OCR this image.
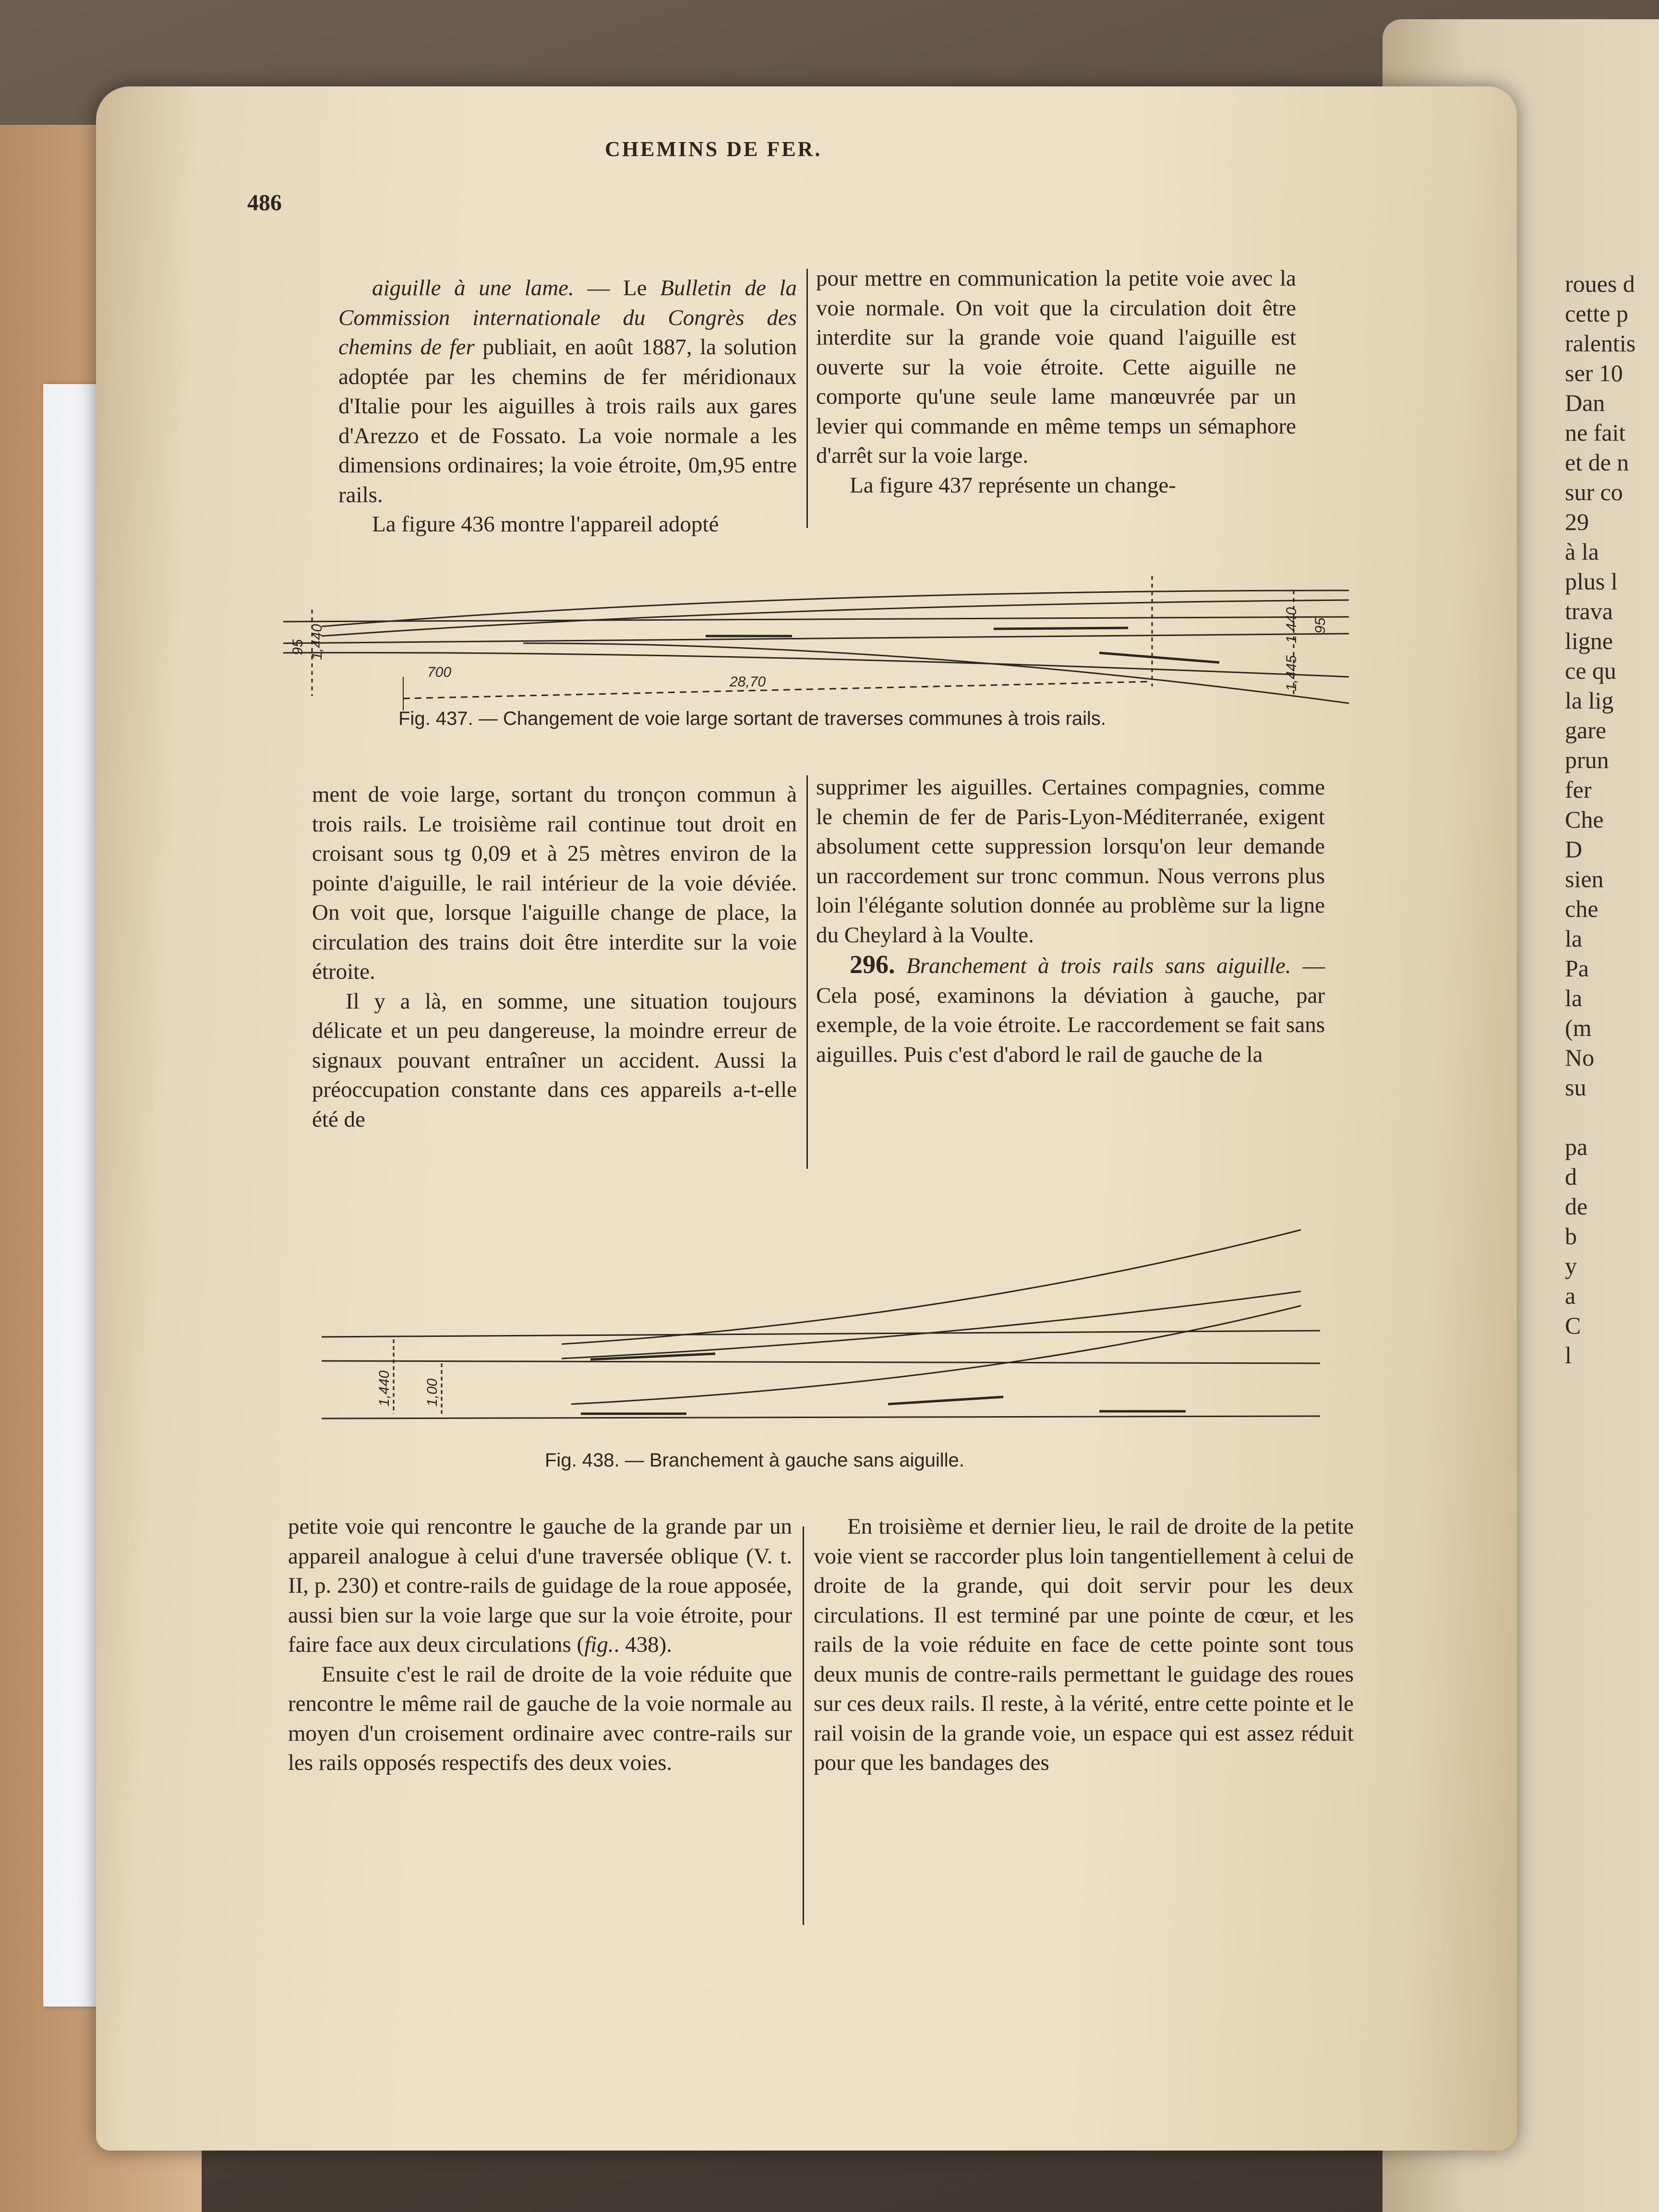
roues d
cette p
ralentis
ser 10
Dan
ne fait
et de n
sur co
29
à la
plus l
trava
ligne
ce qu
la lig
gare
prun
fer
Che
D
sien
che
la
Pa
la
(m
No
su

pa
d
de
b
y
a
C
l
CHEMINS DE FER.
486

aiguille à une lame. — Le Bulletin de la Commission internationale du Congrès des chemins de fer publiait, en août 1887, la solution adoptée par les chemins de fer méridionaux d'Italie pour les aiguilles à trois rails aux gares d'Arezzo et de Fossato. La voie normale a les dimensions ordinaires; la voie étroite, 0m,95 entre rails.

La figure 436 montre l'appareil adopté

pour mettre en communication la petite voie avec la voie normale. On voit que la circulation doit être interdite sur la grande voie quand l'aiguille est ouverte sur la voie étroite. Cette aiguille ne comporte qu'une seule lame manœuvrée par un levier qui commande en même temps un sémaphore d'arrêt sur la voie large.

La figure 437 représente un change-

700
28,70
95 1,440	1,440 95
1,445
Fig. 437. — Changement de voie large sortant de traverses communes à trois rails.

ment de voie large, sortant du tronçon commun à trois rails. Le troisième rail continue tout droit en croisant sous tg 0,09 et à 25 mètres environ de la pointe d'aiguille, le rail intérieur de la voie déviée. On voit que, lorsque l'aiguille change de place, la circulation des trains doit être interdite sur la voie étroite.

Il y a là, en somme, une situation toujours délicate et un peu dangereuse, la moindre erreur de signaux pouvant entraîner un accident. Aussi la préoccupation constante dans ces appareils a-t-elle été de

supprimer les aiguilles. Certaines compagnies, comme le chemin de fer de Paris-Lyon-Méditerranée, exigent absolument cette suppression lorsqu'on leur demande un raccordement sur tronc commun. Nous verrons plus loin l'élégante solution donnée au problème sur la ligne du Cheylard à la Voulte.

296. Branchement à trois rails sans aiguille. — Cela posé, examinons la déviation à gauche, par exemple, de la voie étroite. Le raccordement se fait sans aiguilles. Puis c'est d'abord le rail de gauche de la

1,440 1,00
Fig. 438. — Branchement à gauche sans aiguille.

petite voie qui rencontre le gauche de la grande par un appareil analogue à celui d'une traversée oblique (V. t. II, p. 230) et contre-rails de guidage de la roue apposée, aussi bien sur la voie large que sur la voie étroite, pour faire face aux deux circulations (fig.. 438).

Ensuite c'est le rail de droite de la voie réduite que rencontre le même rail de gauche de la voie normale au moyen d'un croisement ordinaire avec contre-rails sur les rails opposés respectifs des deux voies.

En troisième et dernier lieu, le rail de droite de la petite voie vient se raccorder plus loin tangentiellement à celui de droite de la grande, qui doit servir pour les deux circulations. Il est terminé par une pointe de cœur, et les rails de la voie réduite en face de cette pointe sont tous deux munis de contre-rails permettant le guidage des roues sur ces deux rails. Il reste, à la vérité, entre cette pointe et le rail voisin de la grande voie, un espace qui est assez réduit pour que les bandages des
